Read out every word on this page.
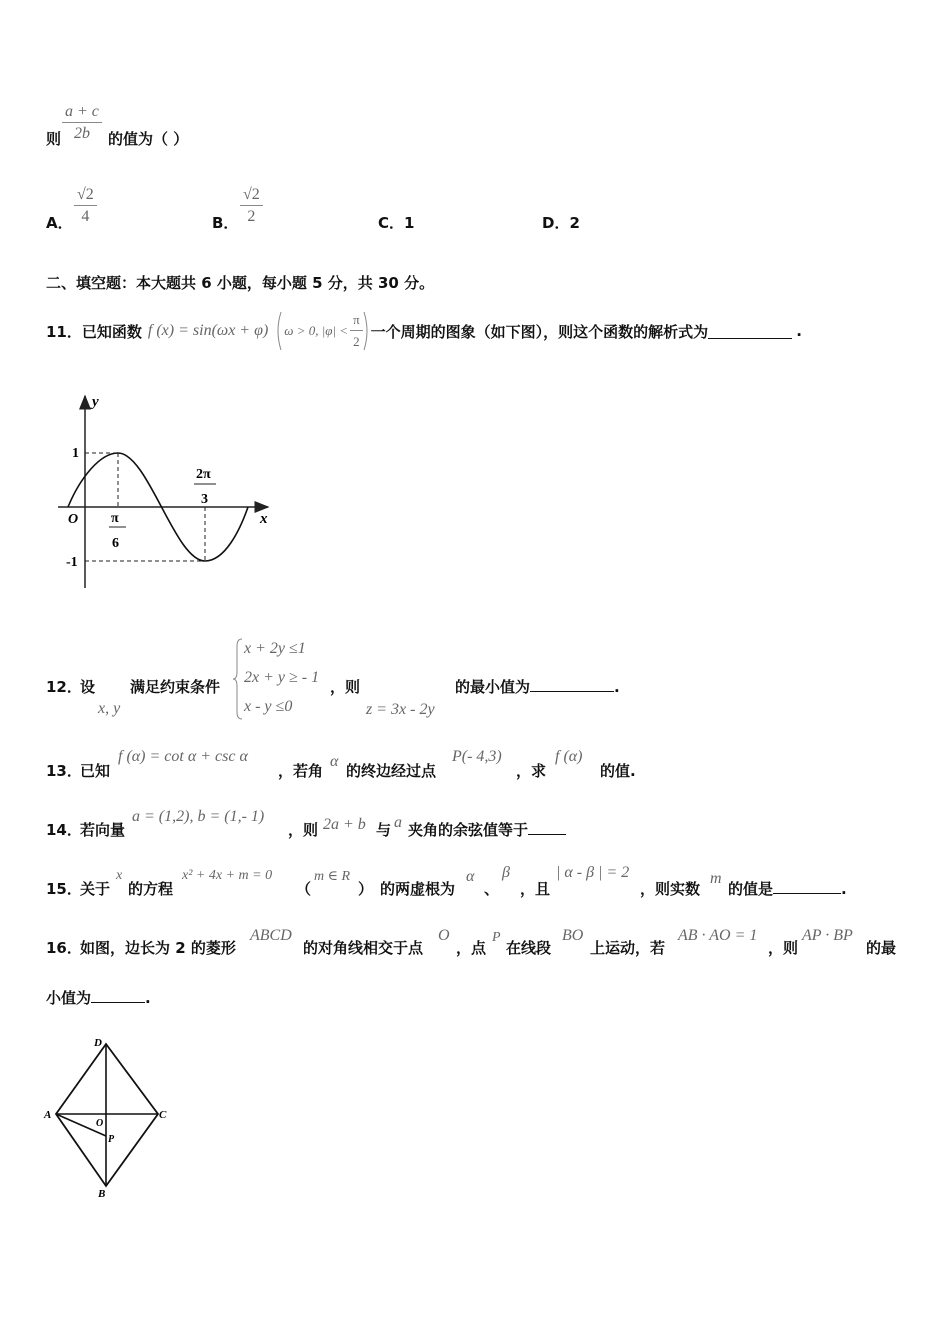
则 $\frac{a + c}{2b}$ 的值为（ ）
A． $\frac{√2}{4}$	B． $\frac{√2}{2}$	C．1	D．2
二、填空题：本大题共 6 小题，每小题 5 分，共 30 分。
11． 已知函数 f (x) = sin(ωx + φ) ω > 0, $|\varphi| < \frac{\pi}{2}$ 一个周期的图象（如下图），则这个函数的解析式为	.
y
x
O
1
-1
π
6
2π
3
12．
设
x, y
满足约束条件
x + 2y ≤1
2x + y ≥ - 1
x - y ≤0
，则
z = 3x - 2y
的最小值为	.
13．
已知
f (α) = cot α + csc α
，若角
α
的终边经过点
P(- 4,3)
，求
f (α)
的值.
14．
若向量
a = (1,2), b = (1,- 1)
，则 2a + b 与 a 夹角的余弦值等于
15．
关于
x
的方程
x² + 4x + m = 0
（
m ∈ R
） 的两虚根为
α
、
β
，且
| α - β | = 2
，则实数
m
的值是	.
16．
如图，边长为 2 的菱形
ABCD
的对角线相交于点
O
，点
P
在线段
BO
上运动，若
AB · AO = 1
，则
AP · BP
的最
小值为	.
D
A	C
O
P
B
